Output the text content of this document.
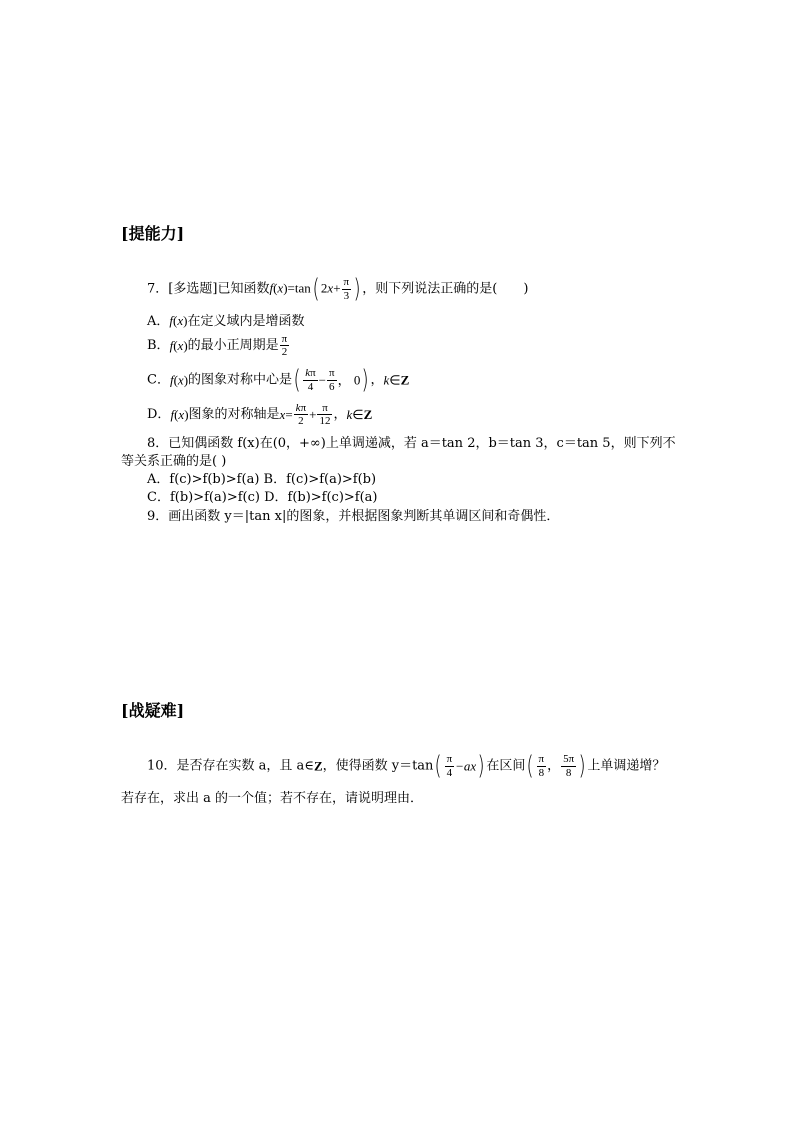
[提能力]
7．[多选题]已知函数f(x)=tan( $2x+ \frac{\pi}{3}$ ) ，则下列说法正确的是( )
A．f(x)在定义域内是增函数
B．f(x)的最小正周期是 $\frac{\pi}{2}$
C．f(x)的图象对称中心是( $\frac{k\pi}{4} - \frac{\pi}{6}$ ， 0) ，k∈Z
D．f(x)图象的对称轴是$x= \frac{k\pi}{2} + \frac{\pi}{12}$ ，k∈Z
8．已知偶函数 f(x)在(0，+∞)上单调递减，若 a＝tan 2，b＝tan 3，c＝tan 5，则下列不
等关系正确的是( )
A．f(c)>f(b)>f(a) B．f(c)>f(a)>f(b)
C．f(b)>f(a)>f(c) D．f(b)>f(c)>f(a)
9．画出函数 y＝|tan x|的图象，并根据图象判断其单调区间和奇偶性．
[战疑难]
10．是否存在实数 a，且 a∈Z，使得函数 $y=\tan( \frac{\pi}{4} -ax)$ 在区间( $\frac{\pi}{8}$ ， $\frac{5\pi}{8}$ ) 上单调递增？
若存在，求出 a 的一个值；若不存在，请说明理由．
